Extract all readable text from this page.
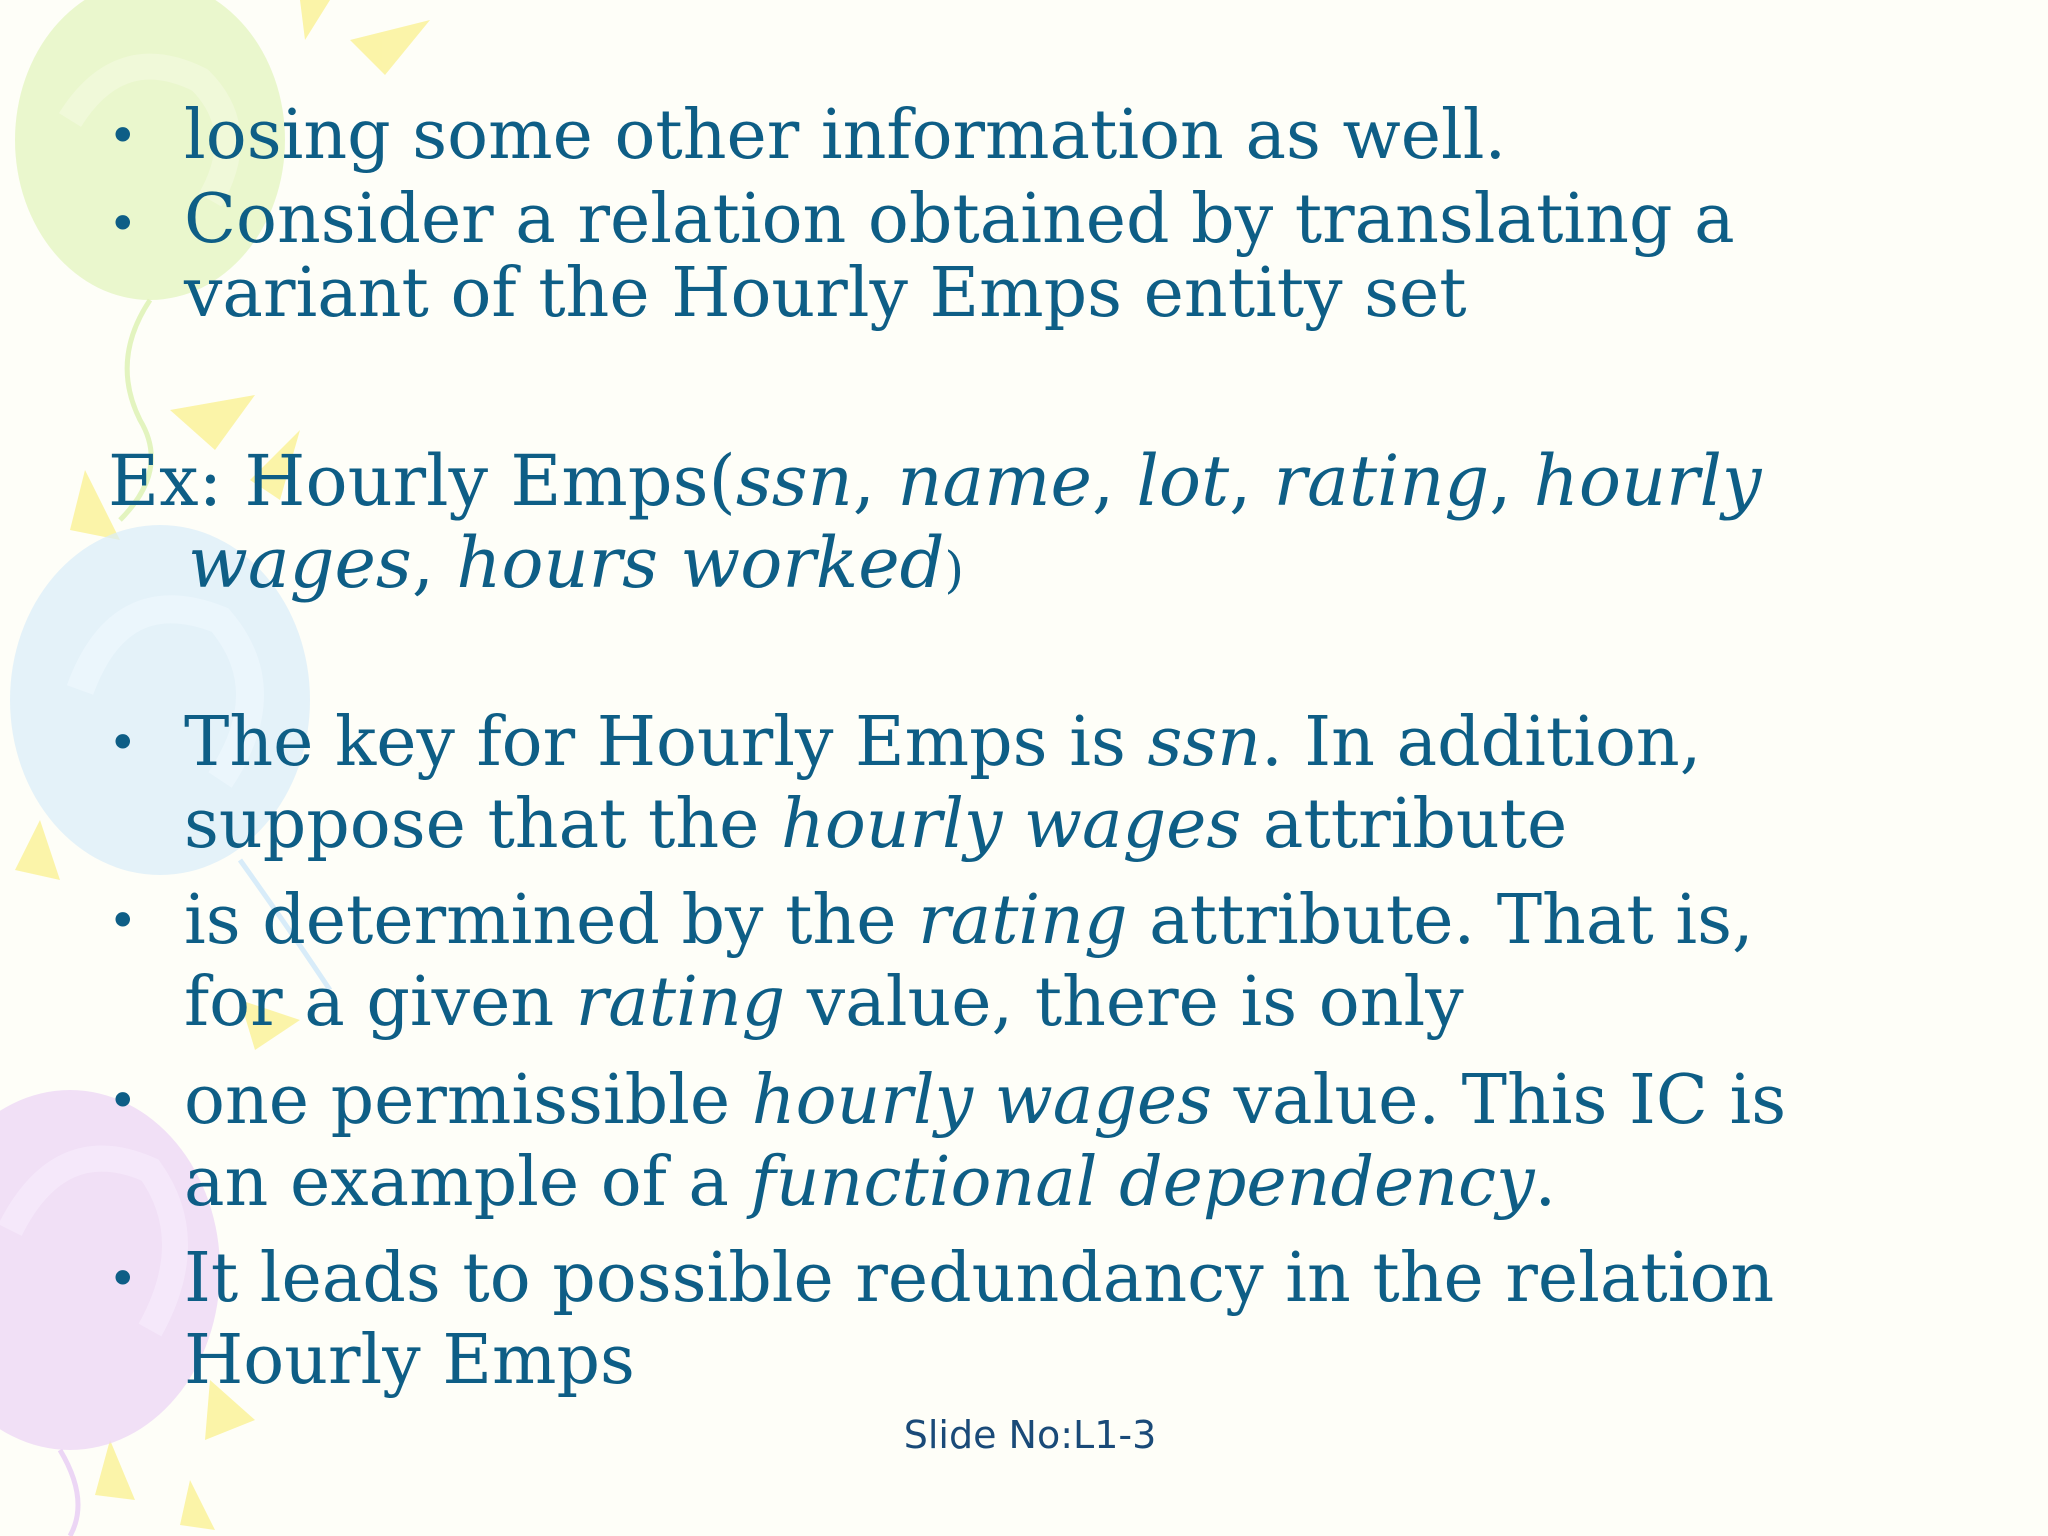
• losing some other information as well.
• Consider a relation obtained by translating a
variant of the Hourly Emps entity set
Ex: Hourly Emps(ssn, name, lot, rating, hourly
wages, hours worked)
• The key for Hourly Emps is ssn. In addition,
suppose that the hourly wages attribute
• is determined by the rating attribute. That is,
for a given rating value, there is only
• one permissible hourly wages value. This IC is
an example of a functional dependency.
• It leads to possible redundancy in the relation
Hourly Emps
Slide No:L1-3
